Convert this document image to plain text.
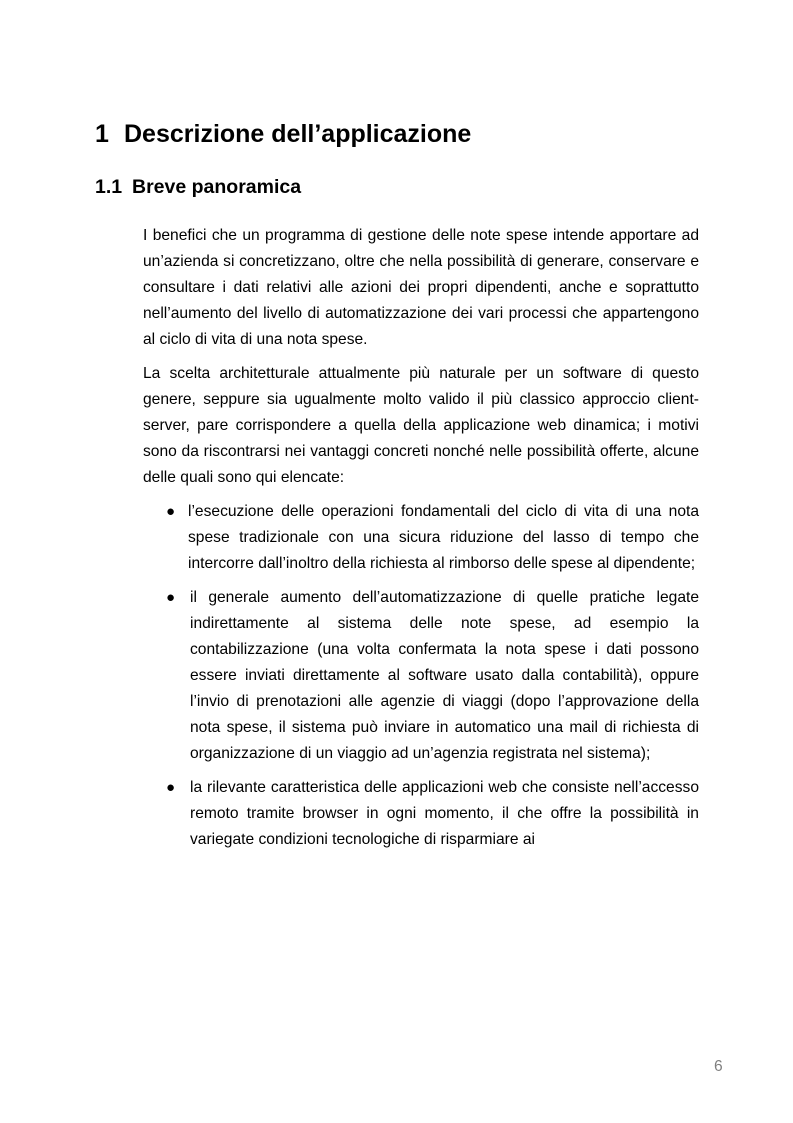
1 Descrizione dell’applicazione
1.1 Breve panoramica

I benefici che un programma di gestione delle note spese intende apportare ad un’azienda si concretizzano, oltre che nella possibilità di generare, conservare e consultare i dati relativi alle azioni dei propri dipendenti, anche e soprattutto nell’aumento del livello di automatizzazione dei vari processi che appartengono al ciclo di vita di una nota spese.

La scelta architetturale attualmente più naturale per un software di questo genere, seppure sia ugualmente molto valido il più classico approccio client-server, pare corrispondere a quella della applicazione web dinamica; i motivi sono da riscontrarsi nei vantaggi concreti nonché nelle possibilità offerte, alcune delle quali sono qui elencate:

● l’esecuzione delle operazioni fondamentali del ciclo di vita di una nota spese tradizionale con una sicura riduzione del lasso di tempo che intercorre dall’inoltro della richiesta al rimborso delle spese al dipendente;
● il generale aumento dell’automatizzazione di quelle pratiche legate indirettamente al sistema delle note spese, ad esempio la contabilizzazione (una volta confermata la nota spese i dati possono essere inviati direttamente al software usato dalla contabilità), oppure l’invio di prenotazioni alle agenzie di viaggi (dopo l’approvazione della nota spese, il sistema può inviare in automatico una mail di richiesta di organizzazione di un viaggio ad un’agenzia registrata nel sistema);
● la rilevante caratteristica delle applicazioni web che consiste nell’accesso remoto tramite browser in ogni momento, il che offre la possibilità in variegate condizioni tecnologiche di risparmiare ai
6
